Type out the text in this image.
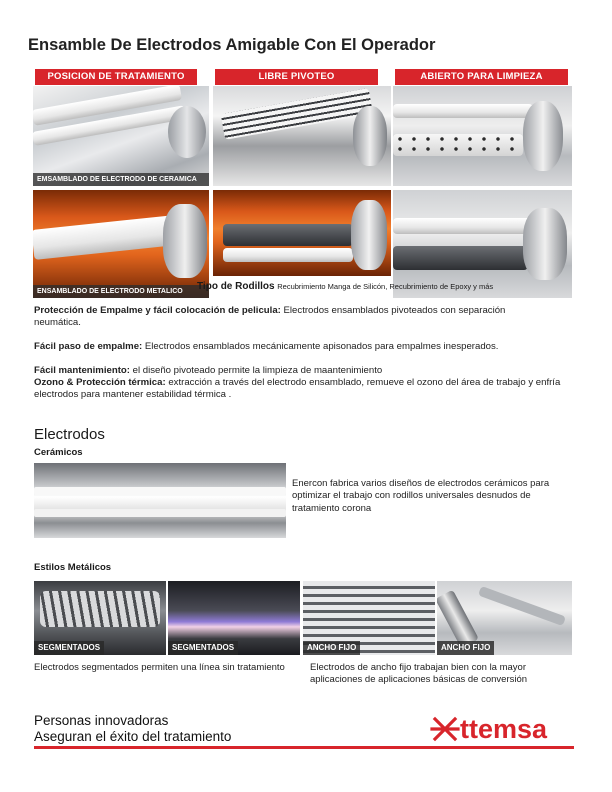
Ensamble De Electrodos Amigable Con El Operador
POSICION DE TRATAMIENTO	LIBRE PIVOTEO	ABIERTO PARA LIMPIEZA
EMSAMBLADO DE ELECTRODO DE CERAMICA
ENSAMBLADO DE ELECTRODO METALICO	Tipo de Rodillos Recubrimiento Manga de Silicón, Recubrimiento de Epoxy y más
Protección de Empalme y fácil colocación de pelicula: Electrodos ensamblados pivoteados con separación neumática.
Fácil paso de empalme: Electrodos ensamblados mecánicamente apisonados para empalmes inesperados.
Fácil mantenimiento: el diseño pivoteado permite la limpieza de maantenimiento
Ozono & Protección térmica: extracción a través del electrodo ensamblado, remueve el ozono del área de trabajo y enfría electrodos para mantener estabilidad térmica .
Electrodos
Cerámicos
Enercon fabrica varios diseños de electrodos cerámicos para optimizar el trabajo con rodillos universales desnudos de tratamiento corona
Estilos Metálicos
SEGMENTADOS	SEGMENTADOS	ANCHO FIJO	ANCHO FIJO
Electrodos segmentados permiten una línea sin tratamiento	Electrodos de ancho fijo trabajan bien con la mayor aplicaciones de aplicaciones básicas de conversión
Personas innovadoras
Aseguran el éxito del tratamiento	ttemsa
